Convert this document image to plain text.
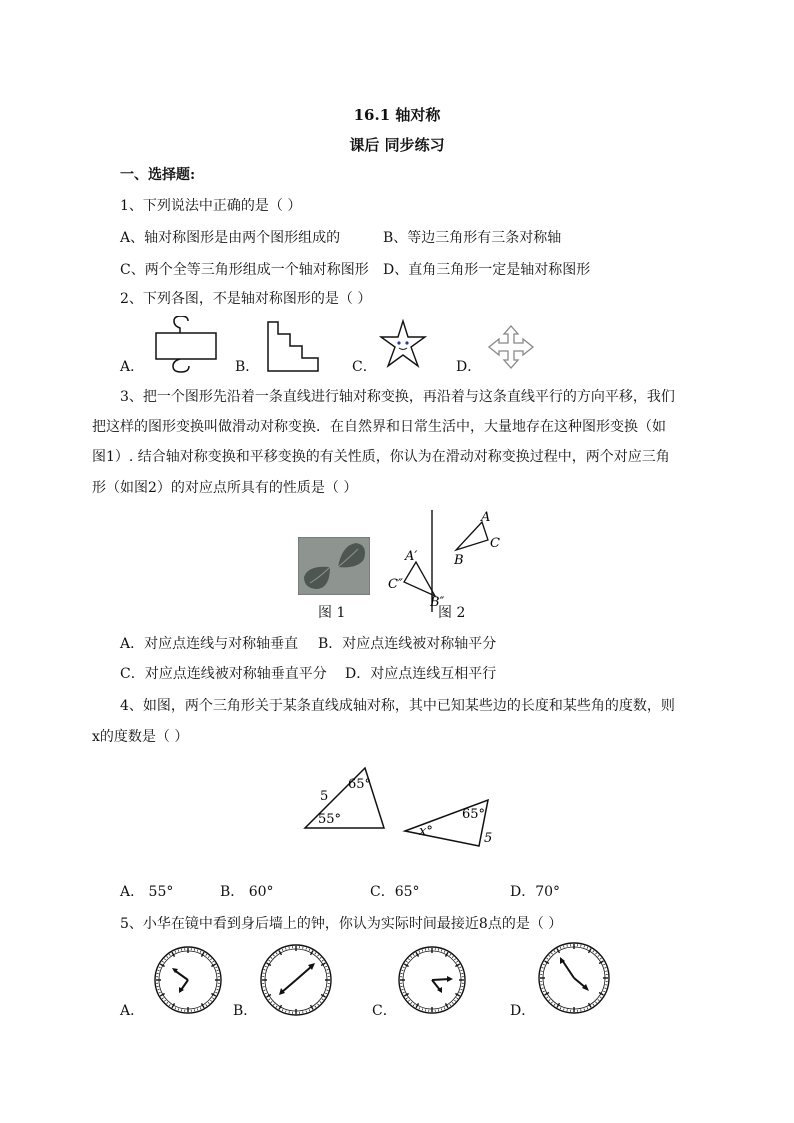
16.1 轴对称
课后 同步练习
一、选择题:
1、下列说法中正确的是（ ）
A、轴对称图形是由两个图形组成的	B、等边三角形有三条对称轴
C、两个全等三角形组成一个轴对称图形 D、直角三角形一定是轴对称图形
2、下列各图，不是轴对称图形的是（ ）
A．	B．	C．	D．
3、把一个图形先沿着一条直线进行轴对称变换，再沿着与这条直线平行的方向平移，我们
把这样的图形变换叫做滑动对称变换．在自然界和日常生活中，大量地存在这种图形变换（如
图1）. 结合轴对称变换和平移变换的有关性质，你认为在滑动对称变换过程中，两个对应三角
形（如图2）的对应点所具有的性质是（ ）
图 1
A
B
C
A′
B″
C″
图 2
A．对应点连线与对称轴垂直 B．对应点连线被对称轴平分
C．对应点连线被对称轴垂直平分 D．对应点连线互相平行
4、如图，两个三角形关于某条直线成轴对称，其中已知某些边的长度和某些角的度数，则
x的度数是（ ）
5
65°
55°
x°
65°
5
A． 55°	B． 60°	C．65°	D．70°
5、小华在镜中看到身后墙上的钟，你认为实际时间最接近8点的是（ ）
A．	B．	C．	D．
